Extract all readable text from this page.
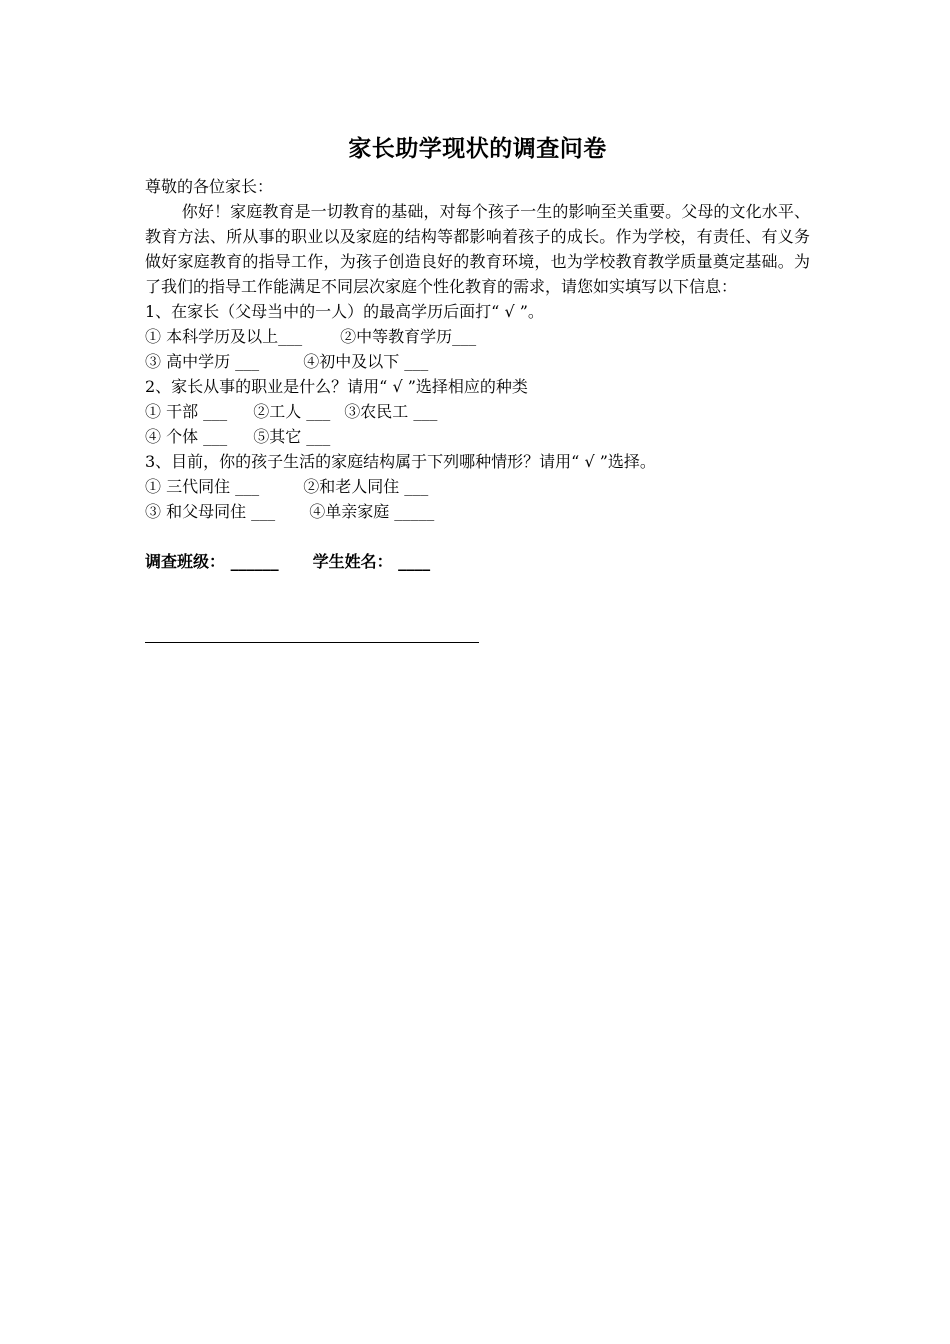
家长助学现状的调查问卷

尊敬的各位家长：

你好！家庭教育是一切教育的基础，对每个孩子一生的影响至关重要。父母的文化水平、教育方法、所从事的职业以及家庭的结构等都影响着孩子的成长。作为学校，有责任、有义务做好家庭教育的指导工作，为孩子创造良好的教育环境，也为学校教育教学质量奠定基础。为了我们的指导工作能满足不同层次家庭个性化教育的需求，请您如实填写以下信息：

1、在家长（父母当中的一人）的最高学历后面打“ √ ”。

① 本科学历及以上___ ②中等教育学历___

③ 高中学历 ___	④初中及以下 ___

2、家长从事的职业是什么？请用“ √ ”选择相应的种类

① 干部 ___ ②工人 ___ ③农民工 ___

④ 个体 ___ ⑤其它 ___

3、目前，你的孩子生活的家庭结构属于下列哪种情形？请用“ √ ”选择。

① 三代同住 ___	②和老人同住 ___

③ 和父母同住 ___ ④单亲家庭 _____

调查班级： ______ 学生姓名： ____
